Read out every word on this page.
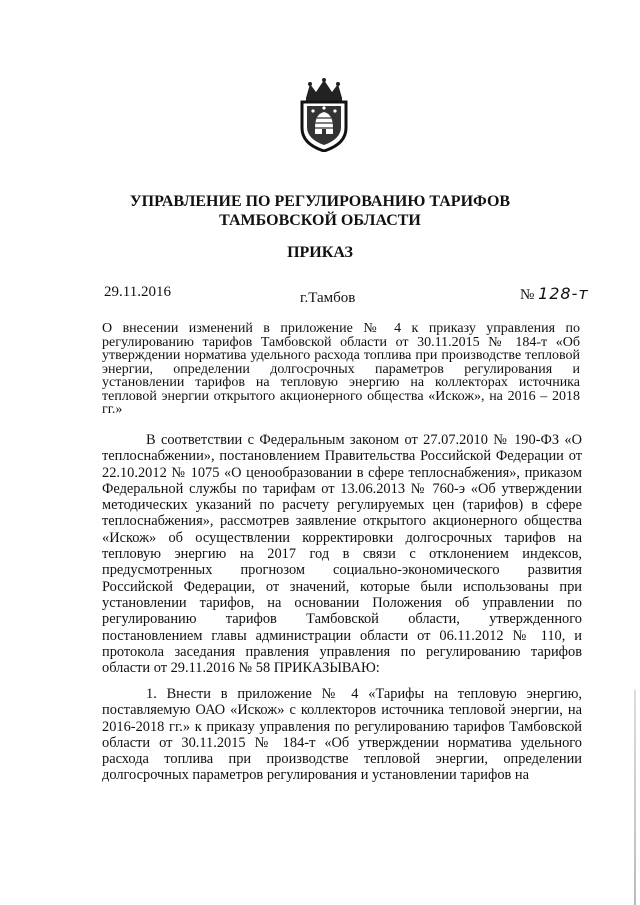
УПРАВЛЕНИЕ ПО РЕГУЛИРОВАНИЮ ТАРИФОВ
ТАМБОВСКОЙ ОБЛАСТИ
ПРИКАЗ
29.11.2016	г.Тамбов	№ 128-т
О внесении изменений в приложение № 4 к приказу управления по регулированию тарифов Тамбовской области от 30.11.2015 № 184-т «Об утверждении норматива удельного расхода топлива при производстве тепловой энергии, определении долгосрочных параметров регулирования и установлении тарифов на тепловую энергию на коллекторах источника тепловой энергии открытого акционерного общества «Искож», на 2016 – 2018 гг.»
В соответствии с Федеральным законом от 27.07.2010 № 190-ФЗ «О теплоснабжении», постановлением Правительства Российской Федерации от 22.10.2012 № 1075 «О ценообразовании в сфере теплоснабжения», приказом Федеральной службы по тарифам от 13.06.2013 № 760-э «Об утверждении методических указаний по расчету регулируемых цен (тарифов) в сфере теплоснабжения», рассмотрев заявление открытого акционерного общества «Искож» об осуществлении корректировки долгосрочных тарифов на тепловую энергию на 2017 год в связи с отклонением индексов, предусмотренных прогнозом социально-экономического развития Российской Федерации, от значений, которые были использованы при установлении тарифов, на основании Положения об управлении по регулированию тарифов Тамбовской области, утвержденного постановлением главы администрации области от 06.11.2012 № 110, и протокола заседания правления управления по регулированию тарифов области от 29.11.2016 № 58 ПРИКАЗЫВАЮ:
1. Внести в приложение № 4 «Тарифы на тепловую энергию, поставляемую ОАО «Искож» с коллекторов источника тепловой энергии, на 2016-2018 гг.» к приказу управления по регулированию тарифов Тамбовской области от 30.11.2015 № 184-т «Об утверждении норматива удельного расхода топлива при производстве тепловой энергии, определении долгосрочных параметров регулирования и установлении тарифов на
